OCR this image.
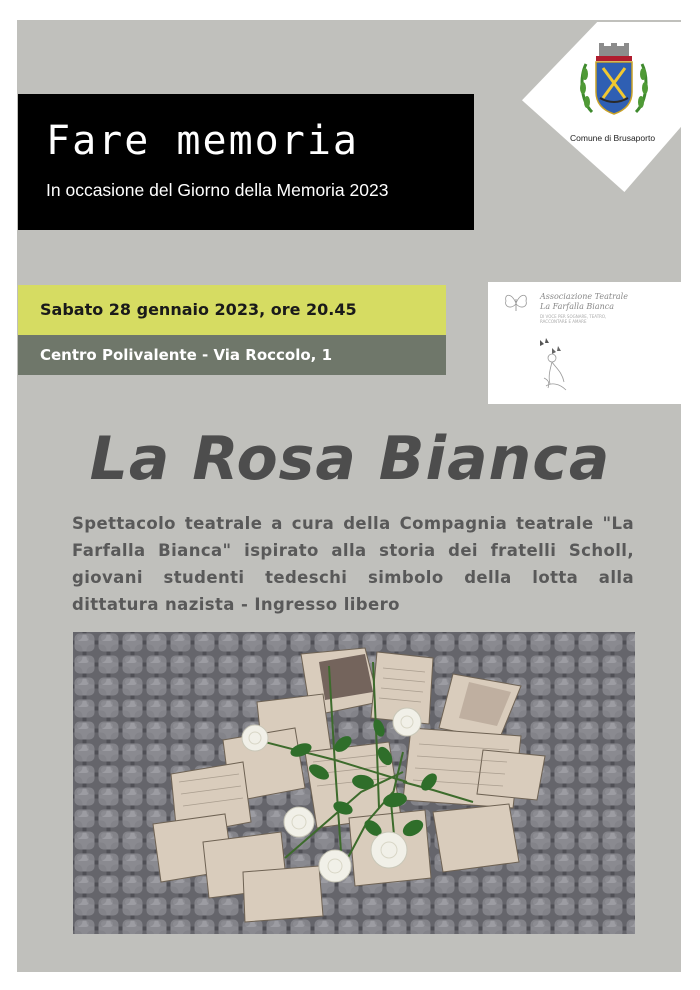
Fare memoria
In occasione del Giorno della Memoria 2023
Comune di Brusaporto
Sabato 28 gennaio 2023, ore 20.45
Centro Polivalente - Via Roccolo, 1
Associazione Teatrale
La Farfalla Bianca
DI VOCE PER SOGNARE, TEATRO,
RACCONTARE E AMARE
La Rosa Bianca
Spettacolo teatrale a cura della Compagnia teatrale "La Farfalla Bianca" ispirato alla storia dei fratelli Scholl, giovani studenti tedeschi simbolo della lotta alla dittatura nazista - Ingresso libero
